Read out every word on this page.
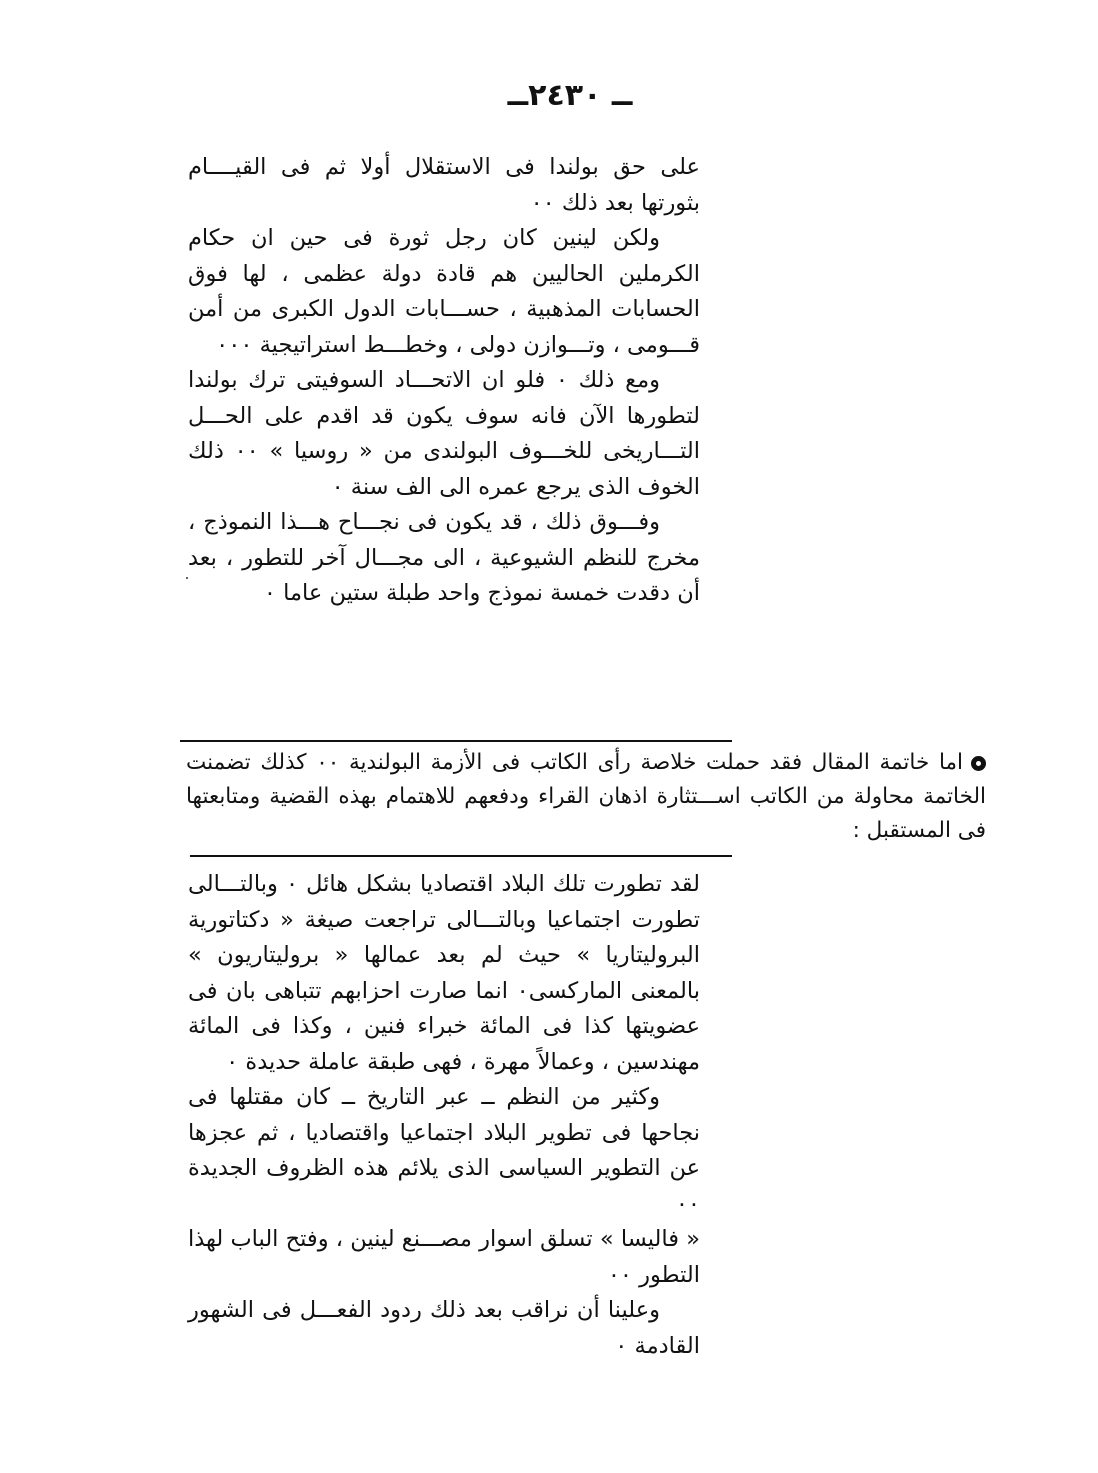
ــ ٢٤٣٠ــ

على حق بولندا فى الاستقلال أولا ثم فى القيــــام بثورتها بعد ذلك ٠٠

ولكن لينين كان رجل ثورة فى حين ان حكام الكرملين الحاليين هم قادة دولة عظمى ، لها فوق الحسابات المذهبية ، حســـابات الدول الكبرى من أمن قـــومى ، وتـــوازن دولى ، وخطـــط استراتيجية ٠٠٠

ومع ذلك ٠ فلو ان الاتحـــاد السوفيتى ترك بولندا لتطورها الآن فانه سوف يكون قد اقدم على الحـــل التـــاريخى للخـــوف البولندى من « روسيا » ٠٠ ذلك الخوف الذى يرجع عمره الى الف سنة ٠

وفـــوق ذلك ، قد يكون فى نجـــاح هـــذا النموذج ، مخرج للنظم الشيوعية ، الى مجـــال آخر للتطور ، بعد أن دقدت خمسة نموذج واحد طبلة ستين عاما ٠

اما خاتمة المقال فقد حملت خلاصة رأى الكاتب فى الأزمة البولندية ٠٠ كذلك تضمنت الخاتمة محاولة من الكاتب اســـتثارة اذهان القراء ودفعهم للاهتمام بهذه القضية ومتابعتها فى المستقبل :

لقد تطورت تلك البلاد اقتصاديا بشكل هائل ٠ وبالتـــالى تطورت اجتماعيا وبالتـــالى تراجعت صيغة « دكتاتورية البروليتاريا » حيث لم بعد عمالها « بروليتاريون » بالمعنى الماركسى٠ انما صارت احزابهم تتباهى بان فى عضويتها كذا فى المائة خبراء فنين ، وكذا فى المائة مهندسين ، وعمالاً مهرة ، فهى طبقة عاملة حديدة ٠

وكثير من النظم ــ عبر التاريخ ــ كان مقتلها فى نجاحها فى تطوير البلاد اجتماعيا واقتصاديا ، ثم عجزها عن التطوير السياسى الذى يلائم هذه الظروف الجديدة ٠٠

« فاليسا » تسلق اسوار مصـــنع لينين ، وفتح الباب لهذا التطور ٠٠

وعلينا أن نراقب بعد ذلك ردود الفعـــل فى الشهور القادمة ٠
